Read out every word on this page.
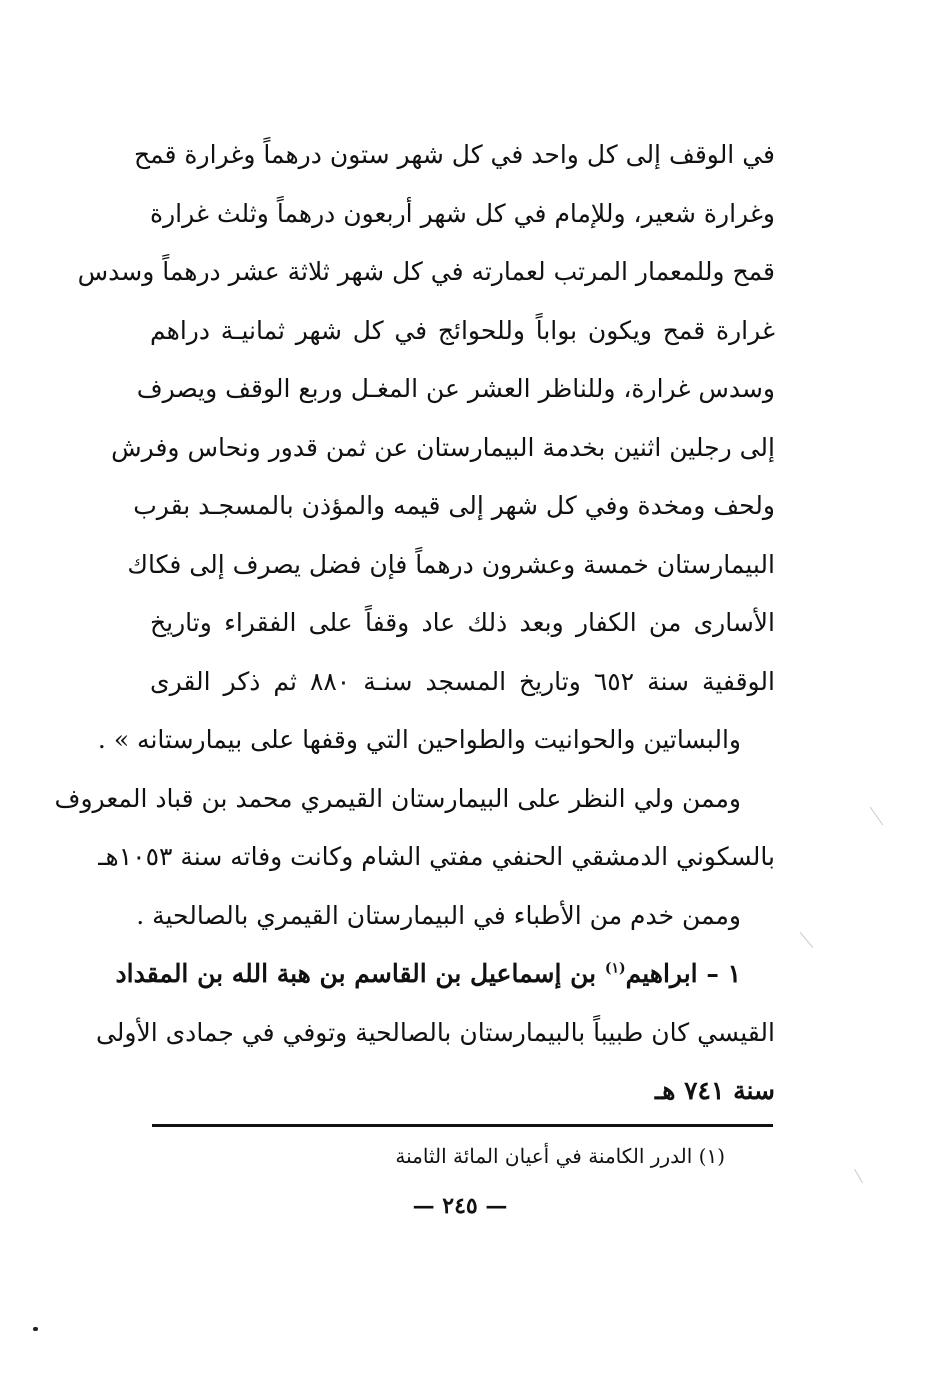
في الوقف إلى كل واحد في كل شهر ستون درهماً وغرارة قمح
وغرارة شعير، وللإمام في كل شهر أربعون درهماً وثلث غرارة
قمح وللمعمار المرتب لعمارته في كل شهر ثلاثة عشر درهماً وسدس
غرارة قمح ويكون بواباً وللحوائج في كل شهر ثمانيـة دراهم
وسدس غرارة، وللناظر العشر عن المغـل وربع الوقف ويصرف
إلى رجلين اثنين بخدمة البيمارستان عن ثمن قدور ونحاس وفرش
ولحف ومخدة وفي كل شهر إلى قيمه والمؤذن بالمسجـد بقرب
البيمارستان خمسة وعشرون درهماً فإن فضل يصرف إلى فكاك
الأسارى من الكفار وبعد ذلك عاد وقفاً على الفقراء وتاريخ
الوقفية سنة ٦٥٢ وتاريخ المسجد سنـة ٨٨٠ ثم ذكر القرى
والبساتين والحوانيت والطواحين التي وقفها على بيمارستانه » .
وممن ولي النظر على البيمارستان القيمري محمد بن قباد المعروف
بالسكوني الدمشقي الحنفي مفتي الشام وكانت وفاته سنة ١٠٥٣هـ
وممن خدم من الأطباء في البيمارستان القيمري بالصالحية .
١ – ابراهيم$^{(١)}$ بن إسماعيل بن القاسم بن هبة الله بن المقداد
القيسي كان طبيباً بالبيمارستان بالصالحية وتوفي في جمادى الأولى
سنة ٧٤١ هـ
(١) الدرر الكامنة في أعيان المائة الثامنة
— ٢٤٥ —
